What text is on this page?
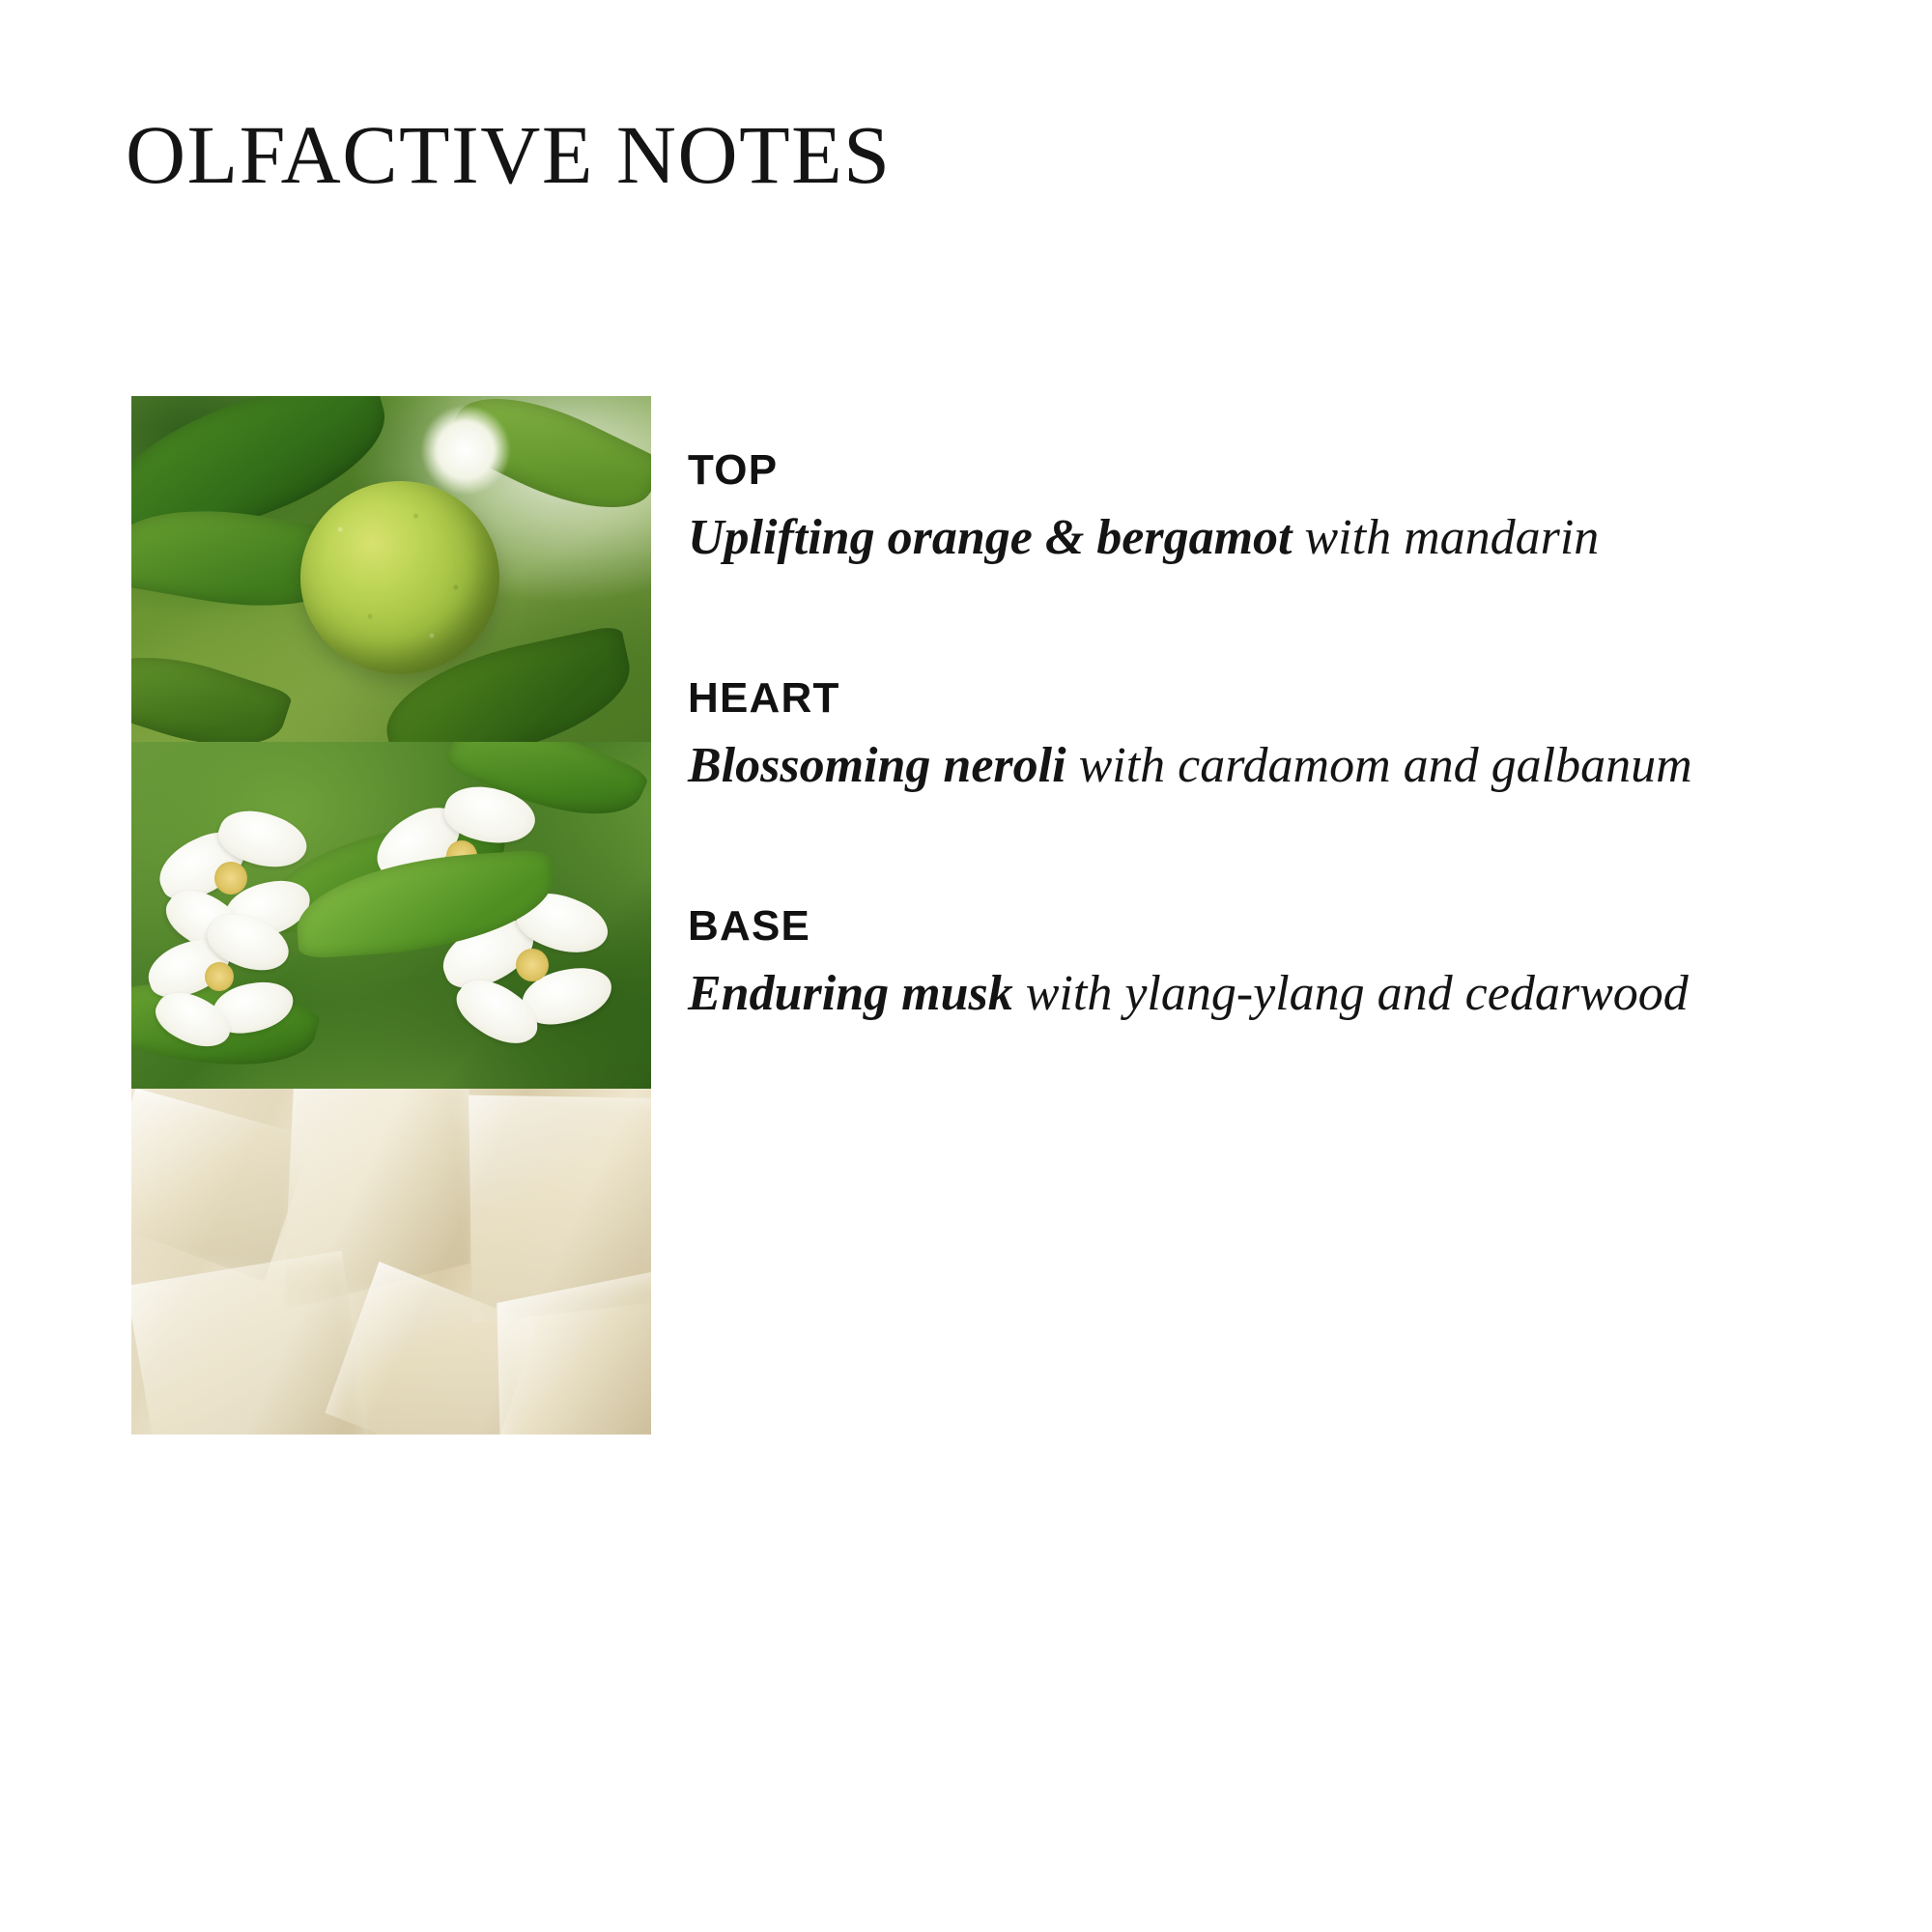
OLFACTIVE NOTES
TOP
Uplifting orange & bergamot with mandarin
HEART
Blossoming neroli with cardamom and galbanum
BASE
Enduring musk with ylang-ylang and cedarwood
